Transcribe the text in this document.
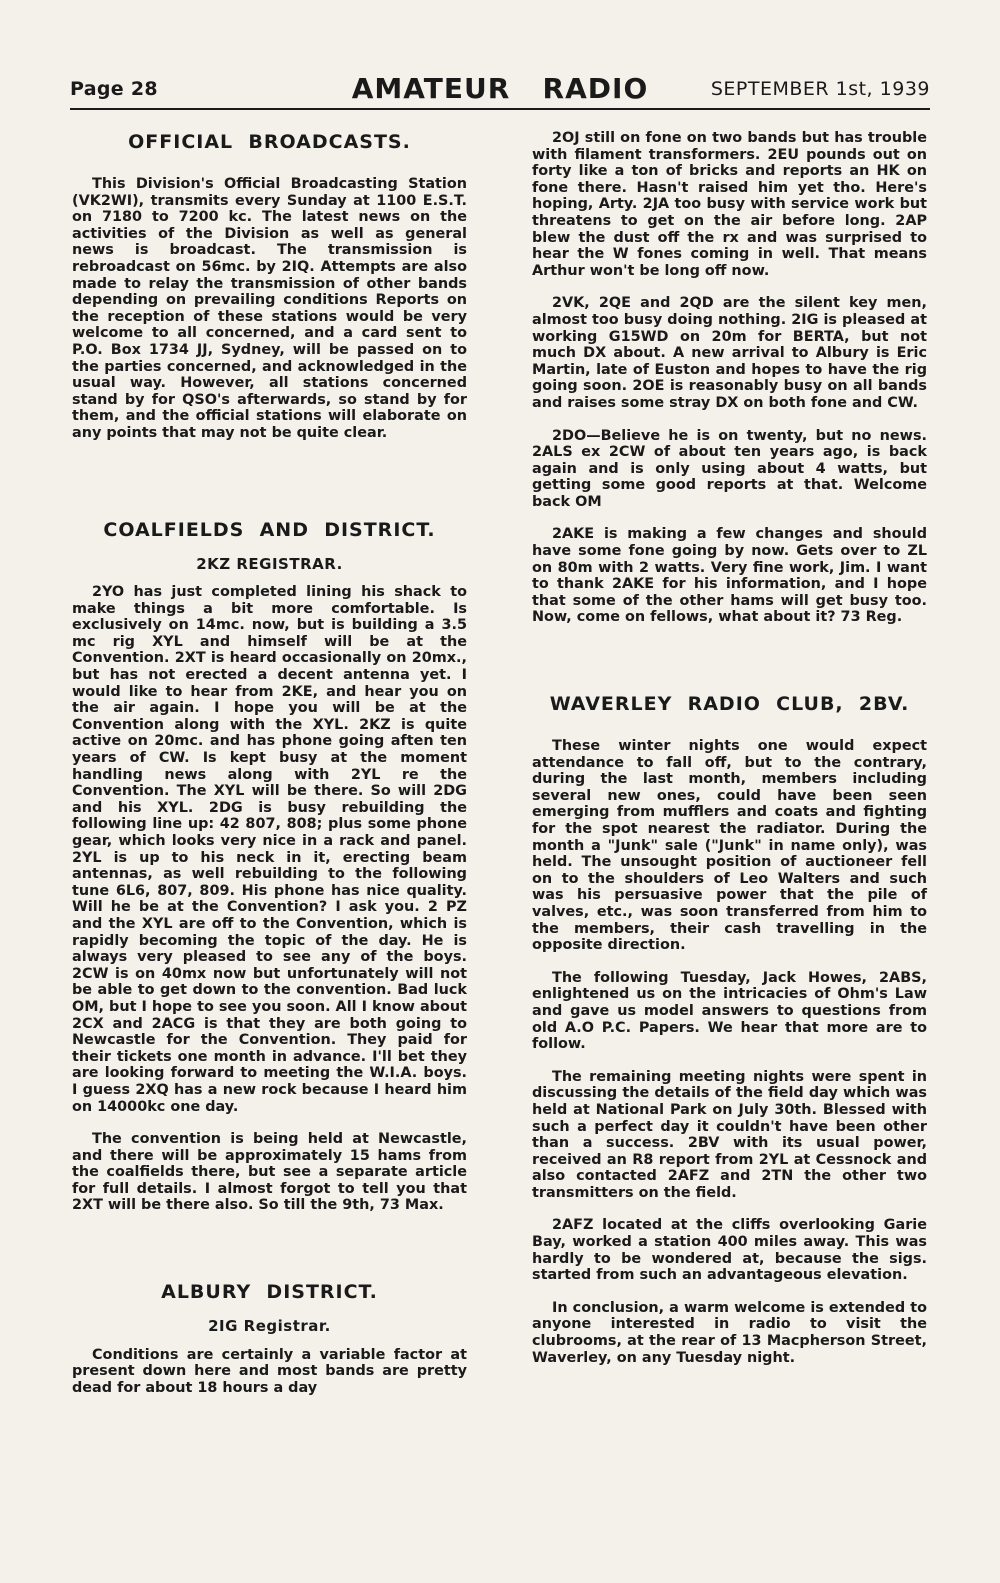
Page 28	AMATEUR   RADIO	SEPTEMBER 1st, 1939
OFFICIAL  BROADCASTS.

This Division's Official Broadcasting Station (VK2WI), transmits every Sunday at 1100 E.S.T. on 7180 to 7200 kc. The latest news on the activities of the Division as well as general news is broadcast. The transmission is rebroadcast on 56mc. by 2IQ. Attempts are also made to relay the transmission of other bands depending on prevailing conditions Reports on the reception of these stations would be very welcome to all concerned, and a card sent to P.O. Box 1734 JJ, Sydney, will be passed on to the parties concerned, and acknowledged in the usual way. However, all stations concerned stand by for QSO's afterwards, so stand by for them, and the official stations will elaborate on any points that may not be quite clear.

COALFIELDS  AND  DISTRICT.
2KZ REGISTRAR.

2YO has just completed lining his shack to make things a bit more comfortable. Is exclusively on 14mc. now, but is building a 3.5 mc rig XYL and himself will be at the Convention. 2XT is heard occasionally on 20mx., but has not erected a decent antenna yet. I would like to hear from 2KE, and hear you on the air again. I hope you will be at the Convention along with the XYL. 2KZ is quite active on 20mc. and has phone going aften ten years of CW. Is kept busy at the moment handling news along with 2YL re the Convention. The XYL will be there. So will 2DG and his XYL. 2DG is busy rebuilding the following line up: 42 807, 808; plus some phone gear, which looks very nice in a rack and panel. 2YL is up to his neck in it, erecting beam antennas, as well rebuilding to the following tune 6L6, 807, 809. His phone has nice quality. Will he be at the Convention? I ask you. 2 PZ and the XYL are off to the Convention, which is rapidly becoming the topic of the day. He is always very pleased to see any of the boys. 2CW is on 40mx now but unfortunately will not be able to get down to the convention. Bad luck OM, but I hope to see you soon. All I know about 2CX and 2ACG is that they are both going to Newcastle for the Convention. They paid for their tickets one month in advance. I'll bet they are looking forward to meeting the W.I.A. boys. I guess 2XQ has a new rock because I heard him on 14000kc one day.

The convention is being held at Newcastle, and there will be approximately 15 hams from the coalfields there, but see a separate article for full details. I almost forgot to tell you that 2XT will be there also. So till the 9th, 73 Max.

ALBURY  DISTRICT.
2IG Registrar.

Conditions are certainly a variable factor at present down here and most bands are pretty dead for about 18 hours a day

2OJ still on fone on two bands but has trouble with filament transformers. 2EU pounds out on forty like a ton of bricks and reports an HK on fone there. Hasn't raised him yet tho. Here's hoping, Arty. 2JA too busy with service work but threatens to get on the air before long. 2AP blew the dust off the rx and was surprised to hear the W fones coming in well. That means Arthur won't be long off now.

2VK, 2QE and 2QD are the silent key men, almost too busy doing nothing. 2IG is pleased at working G15WD on 20m for BERTA, but not much DX about. A new arrival to Albury is Eric Martin, late of Euston and hopes to have the rig going soon. 2OE is reasonably busy on all bands and raises some stray DX on both fone and CW.

2DO—Believe he is on twenty, but no news. 2ALS ex 2CW of about ten years ago, is back again and is only using about 4 watts, but getting some good reports at that. Welcome back OM

2AKE is making a few changes and should have some fone going by now. Gets over to ZL on 80m with 2 watts. Very fine work, Jim. I want to thank 2AKE for his information, and I hope that some of the other hams will get busy too. Now, come on fellows, what about it? 73 Reg.

WAVERLEY  RADIO  CLUB,  2BV.

These winter nights one would expect attendance to fall off, but to the contrary, during the last month, members including several new ones, could have been seen emerging from mufflers and coats and fighting for the spot nearest the radiator. During the month a "Junk" sale ("Junk" in name only), was held. The unsought position of auctioneer fell on to the shoulders of Leo Walters and such was his persuasive power that the pile of valves, etc., was soon transferred from him to the members, their cash travelling in the opposite direction.

The following Tuesday, Jack Howes, 2ABS, enlightened us on the intricacies of Ohm's Law and gave us model answers to questions from old A.O P.C. Papers. We hear that more are to follow.

The remaining meeting nights were spent in discussing the details of the field day which was held at National Park on July 30th. Blessed with such a perfect day it couldn't have been other than a success. 2BV with its usual power, received an R8 report from 2YL at Cessnock and also contacted 2AFZ and 2TN the other two transmitters on the field.

2AFZ located at the cliffs overlooking Garie Bay, worked a station 400 miles away. This was hardly to be wondered at, because the sigs. started from such an advantageous elevation.

In conclusion, a warm welcome is extended to anyone interested in radio to visit the clubrooms, at the rear of 13 Macpherson Street, Waverley, on any Tuesday night.
